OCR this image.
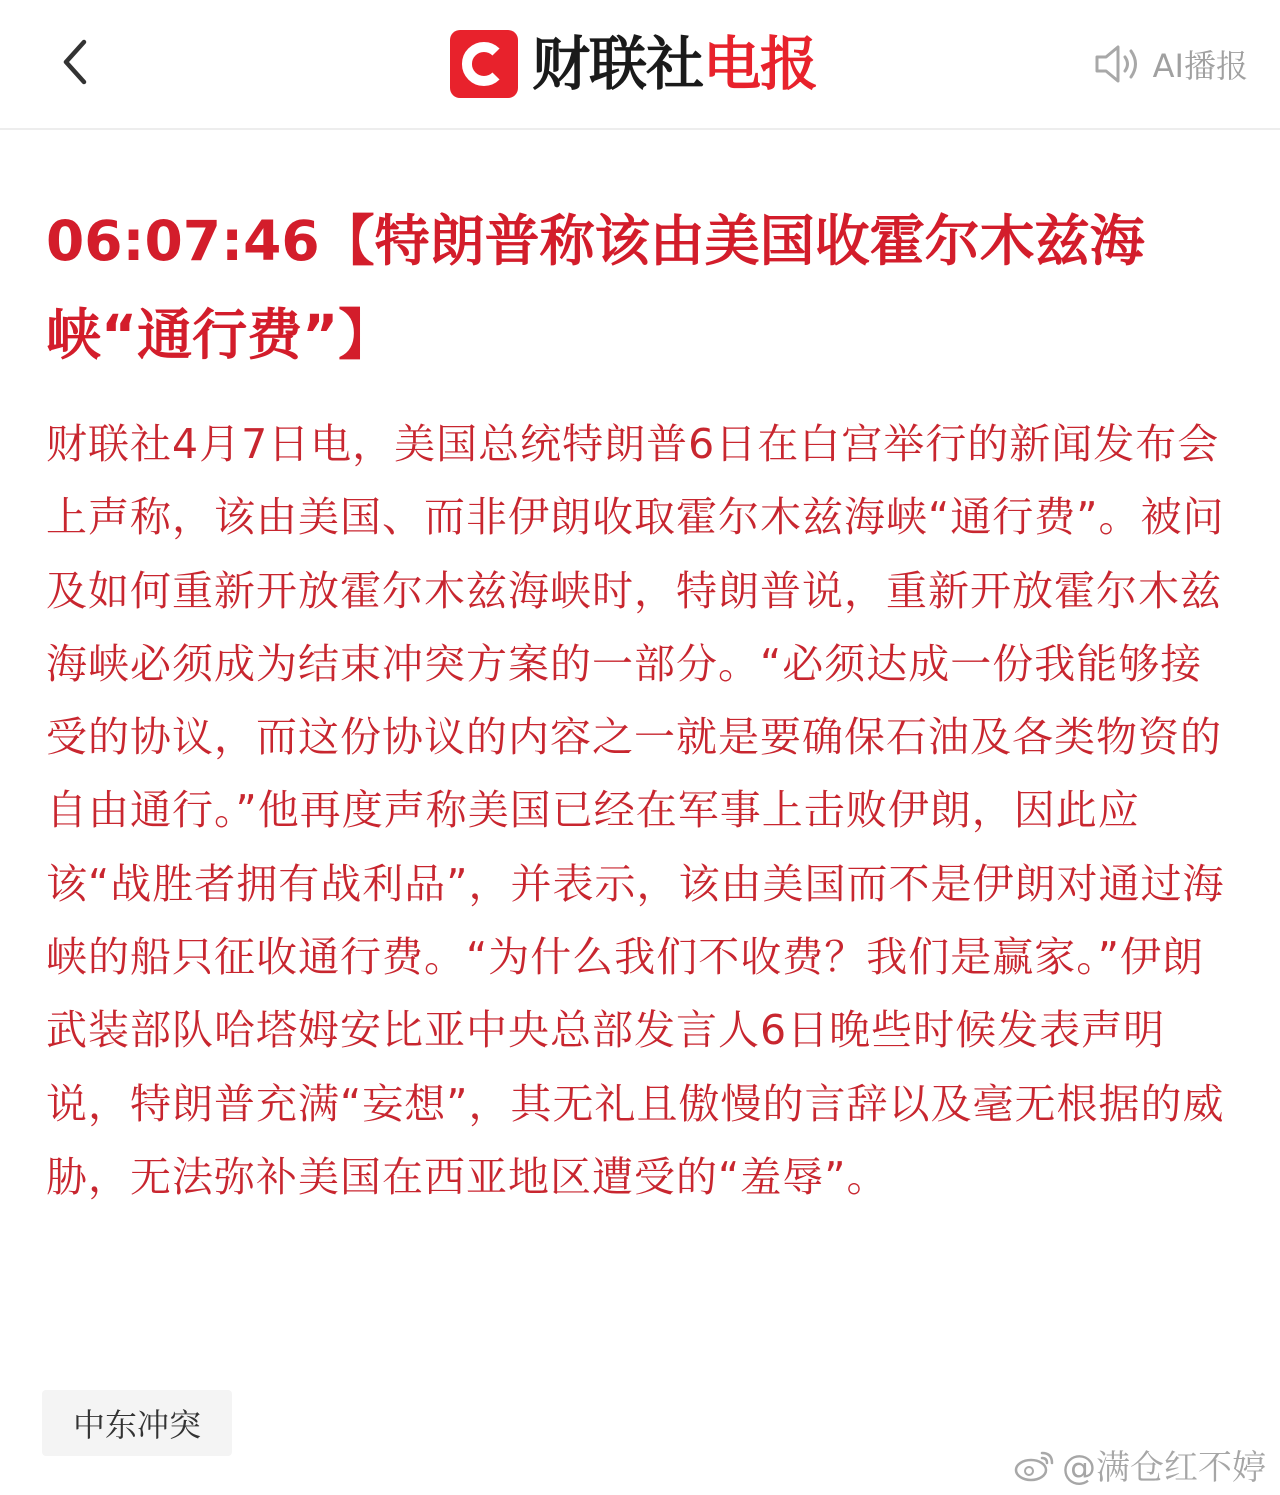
财联社 电报	AI播报
06:07:46【特朗普称该由美国收霍尔木兹海峡“通行费”】

财联社4月7日电，美国总统特朗普6日在白宫举行的新闻发布会上声称，该由美国、而非伊朗收取霍尔木兹海峡“通行费”。被问及如何重新开放霍尔木兹海峡时，特朗普说，重新开放霍尔木兹海峡必须成为结束冲突方案的一部分。“必须达成一份我能够接受的协议，而这份协议的内容之一就是要确保石油及各类物资的自由通行。”他再度声称美国已经在军事上击败伊朗，因此应该“战胜者拥有战利品”，并表示，该由美国而不是伊朗对通过海峡的船只征收通行费。“为什么我们不收费？我们是赢家。”伊朗武装部队哈塔姆安比亚中央总部发言人6日晚些时候发表声明说，特朗普充满“妄想”，其无礼且傲慢的言辞以及毫无根据的威胁，无法弥补美国在西亚地区遭受的“羞辱”。

中东冲突
@满仓红不婷
